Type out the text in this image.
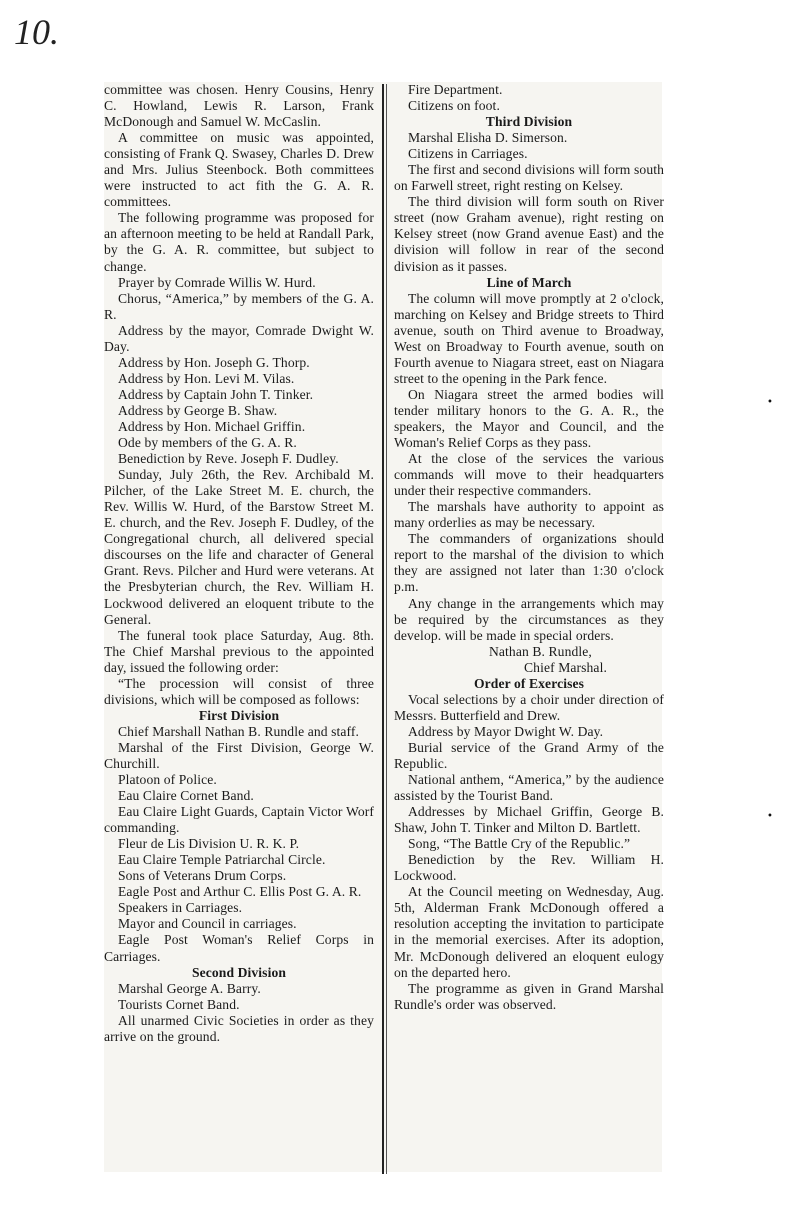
10.
committee was chosen. Henry Cousins, Henry C. Howland, Lewis R. Larson, Frank McDonough and Samuel W. McCaslin.
A committee on music was appointed, consisting of Frank Q. Swasey, Charles D. Drew and Mrs. Julius Steenbock. Both committees were instructed to act fith the G. A. R. committees.
The following programme was proposed for an afternoon meeting to be held at Randall Park, by the G. A. R. committee, but subject to change.
Prayer by Comrade Willis W. Hurd.
Chorus, “America,” by members of the G. A. R.
Address by the mayor, Comrade Dwight W. Day.
Address by Hon. Joseph G. Thorp.
Address by Hon. Levi M. Vilas.
Address by Captain John T. Tinker.
Address by George B. Shaw.
Address by Hon. Michael Griffin.
Ode by members of the G. A. R.
Benediction by Reve. Joseph F. Dudley.
Sunday, July 26th, the Rev. Archibald M. Pilcher, of the Lake Street M. E. church, the Rev. Willis W. Hurd, of the Barstow Street M. E. church, and the Rev. Joseph F. Dudley, of the Congregational church, all delivered special discourses on the life and character of General Grant. Revs. Pilcher and Hurd were veterans. At the Presbyterian church, the Rev. William H. Lockwood delivered an eloquent tribute to the General.
The funeral took place Saturday, Aug. 8th. The Chief Marshal previous to the appointed day, issued the following order:
“The procession will consist of three divisions, which will be composed as follows:
First Division
Chief Marshall Nathan B. Rundle and staff.
Marshal of the First Division, George W. Churchill.
Platoon of Police.
Eau Claire Cornet Band.
Eau Claire Light Guards, Captain Victor Worf commanding.
Fleur de Lis Division U. R. K. P.
Eau Claire Temple Patriarchal Circle.
Sons of Veterans Drum Corps.
Eagle Post and Arthur C. Ellis Post G. A. R.
Speakers in Carriages.
Mayor and Council in carriages.
Eagle Post Woman's Relief Corps in Carriages.
Second Division
Marshal George A. Barry.
Tourists Cornet Band.
All unarmed Civic Societies in order as they arrive on the ground.
Fire Department.
Citizens on foot.
Third Division
Marshal Elisha D. Simerson.
Citizens in Carriages.
The first and second divisions will form south on Farwell street, right resting on Kelsey.
The third division will form south on River street (now Graham avenue), right resting on Kelsey street (now Grand avenue East) and the division will follow in rear of the second division as it passes.
Line of March
The column will move promptly at 2 o'clock, marching on Kelsey and Bridge streets to Third avenue, south on Third avenue to Broadway, West on Broadway to Fourth avenue, south on Fourth avenue to Niagara street, east on Niagara street to the opening in the Park fence.
On Niagara street the armed bodies will tender military honors to the G. A. R., the speakers, the Mayor and Council, and the Woman's Relief Corps as they pass.
At the close of the services the various commands will move to their headquarters under their respective commanders.
The marshals have authority to appoint as many orderlies as may be necessary.
The commanders of organizations should report to the marshal of the division to which they are assigned not later than 1:30 o'clock p.m.
Any change in the arrangements which may be required by the circumstances as they develop. will be made in special orders.
Nathan B. Rundle,
Chief Marshal.
Order of Exercises
Vocal selections by a choir under direction of Messrs. Butterfield and Drew.
Address by Mayor Dwight W. Day.
Burial service of the Grand Army of the Republic.
National anthem, “America,” by the audience assisted by the Tourist Band.
Addresses by Michael Griffin, George B. Shaw, John T. Tinker and Milton D. Bartlett.
Song, “The Battle Cry of the Republic.”
Benediction by the Rev. William H. Lockwood.
At the Council meeting on Wednesday, Aug. 5th, Alderman Frank McDonough offered a resolution accepting the invitation to participate in the memorial exercises. After its adoption, Mr. McDonough delivered an eloquent eulogy on the departed hero.
The programme as given in Grand Marshal Rundle's order was observed.
•
•
